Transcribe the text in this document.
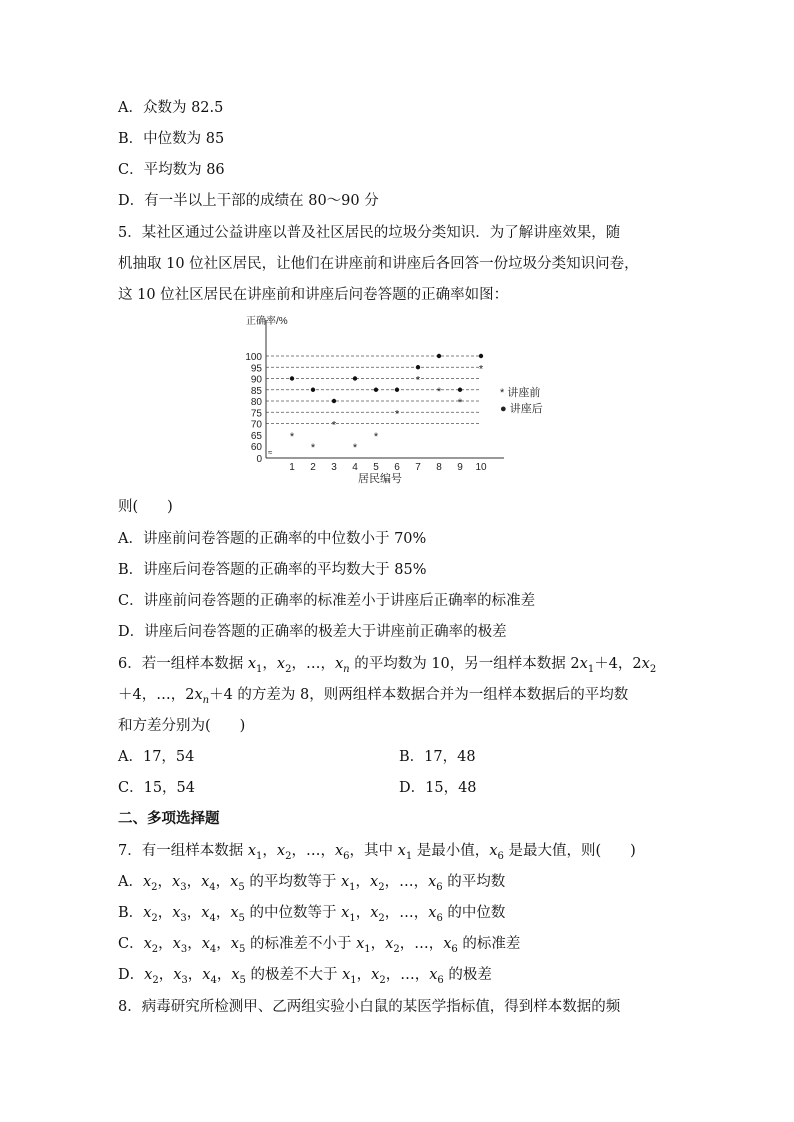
A．众数为 82.5
B．中位数为 85
C．平均数为 86
D．有一半以上干部的成绩在 80～90 分
5．某社区通过公益讲座以普及社区居民的垃圾分类知识．为了解讲座效果，随
机抽取 10 位社区居民，让他们在讲座前和讲座后各回答一份垃圾分类知识问卷，
这 10 位社区居民在讲座前和讲座后问卷答题的正确率如图：
≈
0
60
65
70
75
80
85
90
95
100
1 2 3 4 5 6 7 8 9 10
*
*
*
*
*
*
*
*
*
*
正确率/%
居民编号
* 讲座前
● 讲座后
则(　　)
A．讲座前问卷答题的正确率的中位数小于 70%
B．讲座后问卷答题的正确率的平均数大于 85%
C．讲座前问卷答题的正确率的标准差小于讲座后正确率的标准差
D．讲座后问卷答题的正确率的极差大于讲座前正确率的极差
6．若一组样本数据 $x_1$，$x_2$，…，$x_n$ 的平均数为 10，另一组样本数据 $2x_1+4$，$2x_2$
＋4，…，$2x_n+4$ 的方差为 8，则两组样本数据合并为一组样本数据后的平均数
和方差分别为(　　)
A．17，54	B．17，48
C．15，54	D．15，48
二、多项选择题
7．有一组样本数据 $x_1$，$x_2$，…，$x_6$，其中 $x_1$ 是最小值，$x_6$ 是最大值，则(　　)
A．$x_2$，$x_3$，$x_4$，$x_5$ 的平均数等于 $x_1$，$x_2$，…，$x_6$ 的平均数
B．$x_2$，$x_3$，$x_4$，$x_5$ 的中位数等于 $x_1$，$x_2$，…，$x_6$ 的中位数
C．$x_2$，$x_3$，$x_4$，$x_5$ 的标准差不小于 $x_1$，$x_2$，…，$x_6$ 的标准差
D．$x_2$，$x_3$，$x_4$，$x_5$ 的极差不大于 $x_1$，$x_2$，…，$x_6$ 的极差
8．病毒研究所检测甲、乙两组实验小白鼠的某医学指标值，得到样本数据的频
